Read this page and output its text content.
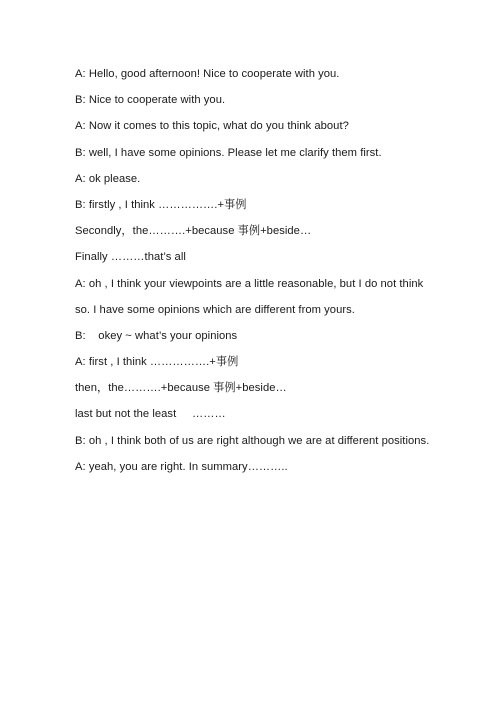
A: Hello, good afternoon! Nice to cooperate with you.
B: Nice to cooperate with you.
A: Now it comes to this topic, what do you think about?
B: well, I have some opinions. Please let me clarify them first.
A: ok please.
B: firstly , I think …………….+事例
Secondly，the……….+because 事例+beside…
Finally ………that’s all
A: oh , I think your viewpoints are a little reasonable, but I do not think
so. I have some opinions which are different from yours.
B:    okey ~ what’s your opinions
A: first , I think …………….+事例
then，the……….+because 事例+beside…
last but not the least     ………
B: oh , I think both of us are right although we are at different positions.
A: yeah, you are right. In summary………..
